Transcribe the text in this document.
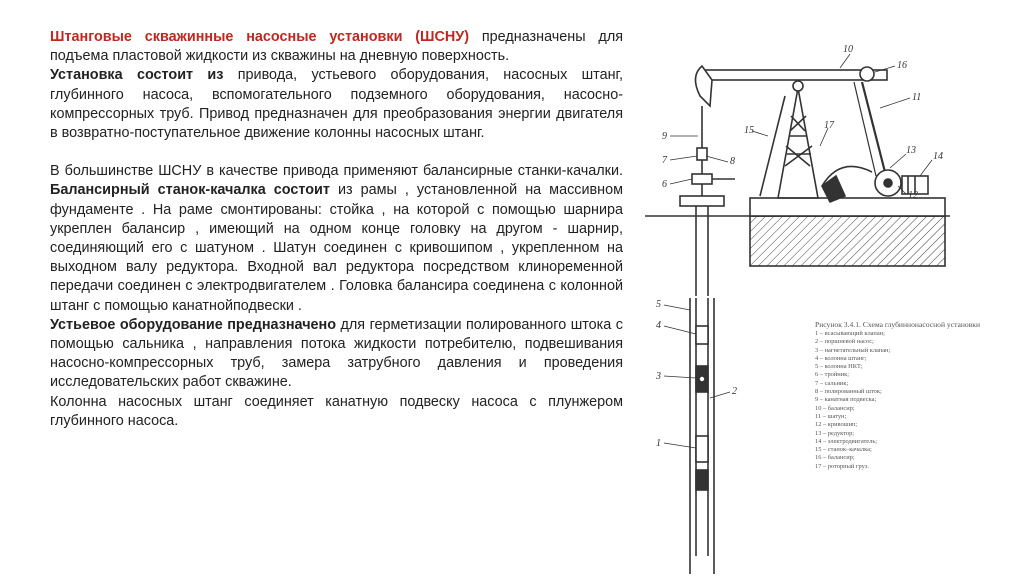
Штанговые скважинные насосные установки (ШСНУ) предназначены для подъема пластовой жидкости из скважины на дневную поверхность.

Установка состоит из привода, устьевого оборудования, насосных штанг, глубинного насоса, вспомогательного подземного оборудования, насосно-компрессорных труб. Привод предназначен для преобразования энергии двигателя в возвратно-поступательное движение колонны насосных штанг.

В большинстве ШСНУ в качестве привода применяют балансирные станки-качалки. Балансирный станок-качалка состоит из рамы , установленной на массивном фундаменте . На раме смонтированы: стойка , на которой с помощью шарнира укреплен балансир , имеющий на одном конце головку на другом - шарнир, соединяющий его с шатуном . Шатун соединен с кривошипом , укрепленном на выходном валу редуктора. Входной вал редуктора посредством клиноременной передачи соединен с электродвигателем . Головка балансира соединена с колонной штанг с помощью канатнойподвески .

Устьевое оборудование предназначено для герметизации полированного штока с помощью сальника , направления потока жидкости потребителю, подвешивания насосно-компрессорных труб, замера затрубного давления и проведения исследовательских работ скважине.

Колонна насосных штанг соединяет канатную подвеску насоса с плунжером глубинного насоса.

10
16
11
9
15	17
13
14
7	8
6
12
5
4
3
2
1
Рисунок 3.4.1. Схема глубиннонасосной установки
1 – всасывающий клапан;
2 – поршневой насос;
3 – нагнетательный клапан;
4 – колонна штанг;
5 – колонна НКТ;
6 – тройник;
7 – сальник;
8 – полированный шток;
9 – канатная подвеска;
10 – балансир;
11 – шатун;
12 – кривошип;
13 – редуктор;
14 – электродвигатель;
15 – станок–качалка;
16 – балансир;
17 – роторный груз.
